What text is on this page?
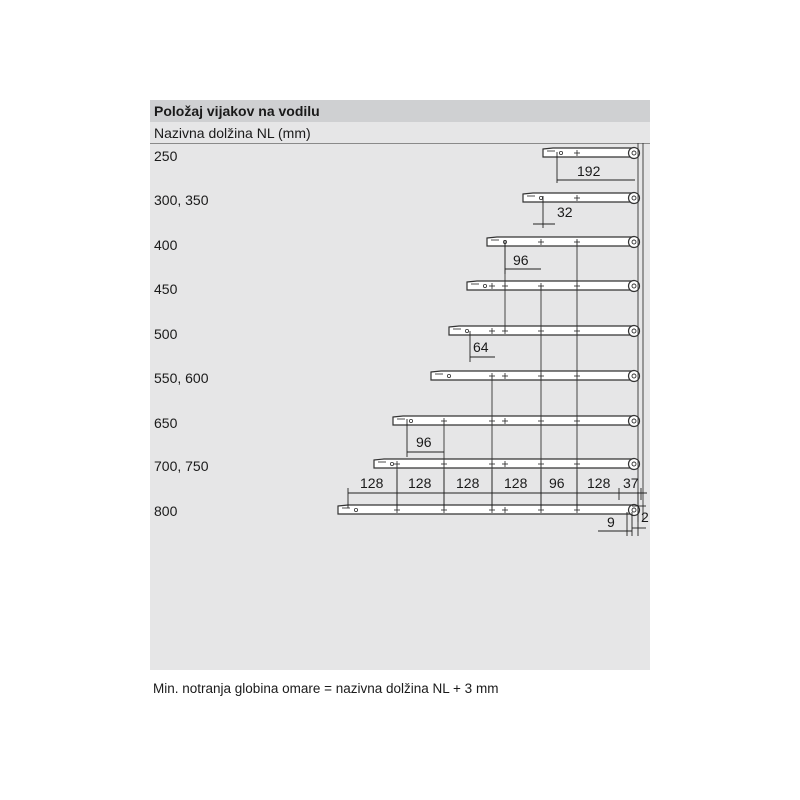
Položaj vijakov na vodilu
Nazivna dolžina NL (mm)
250
300, 350
400
450
500
550, 600
650
700, 750
800
192
32
96
64
96
128 128 128 128 96 128 37
9 2
Min. notranja globina omare = nazivna dolžina NL + 3 mm
